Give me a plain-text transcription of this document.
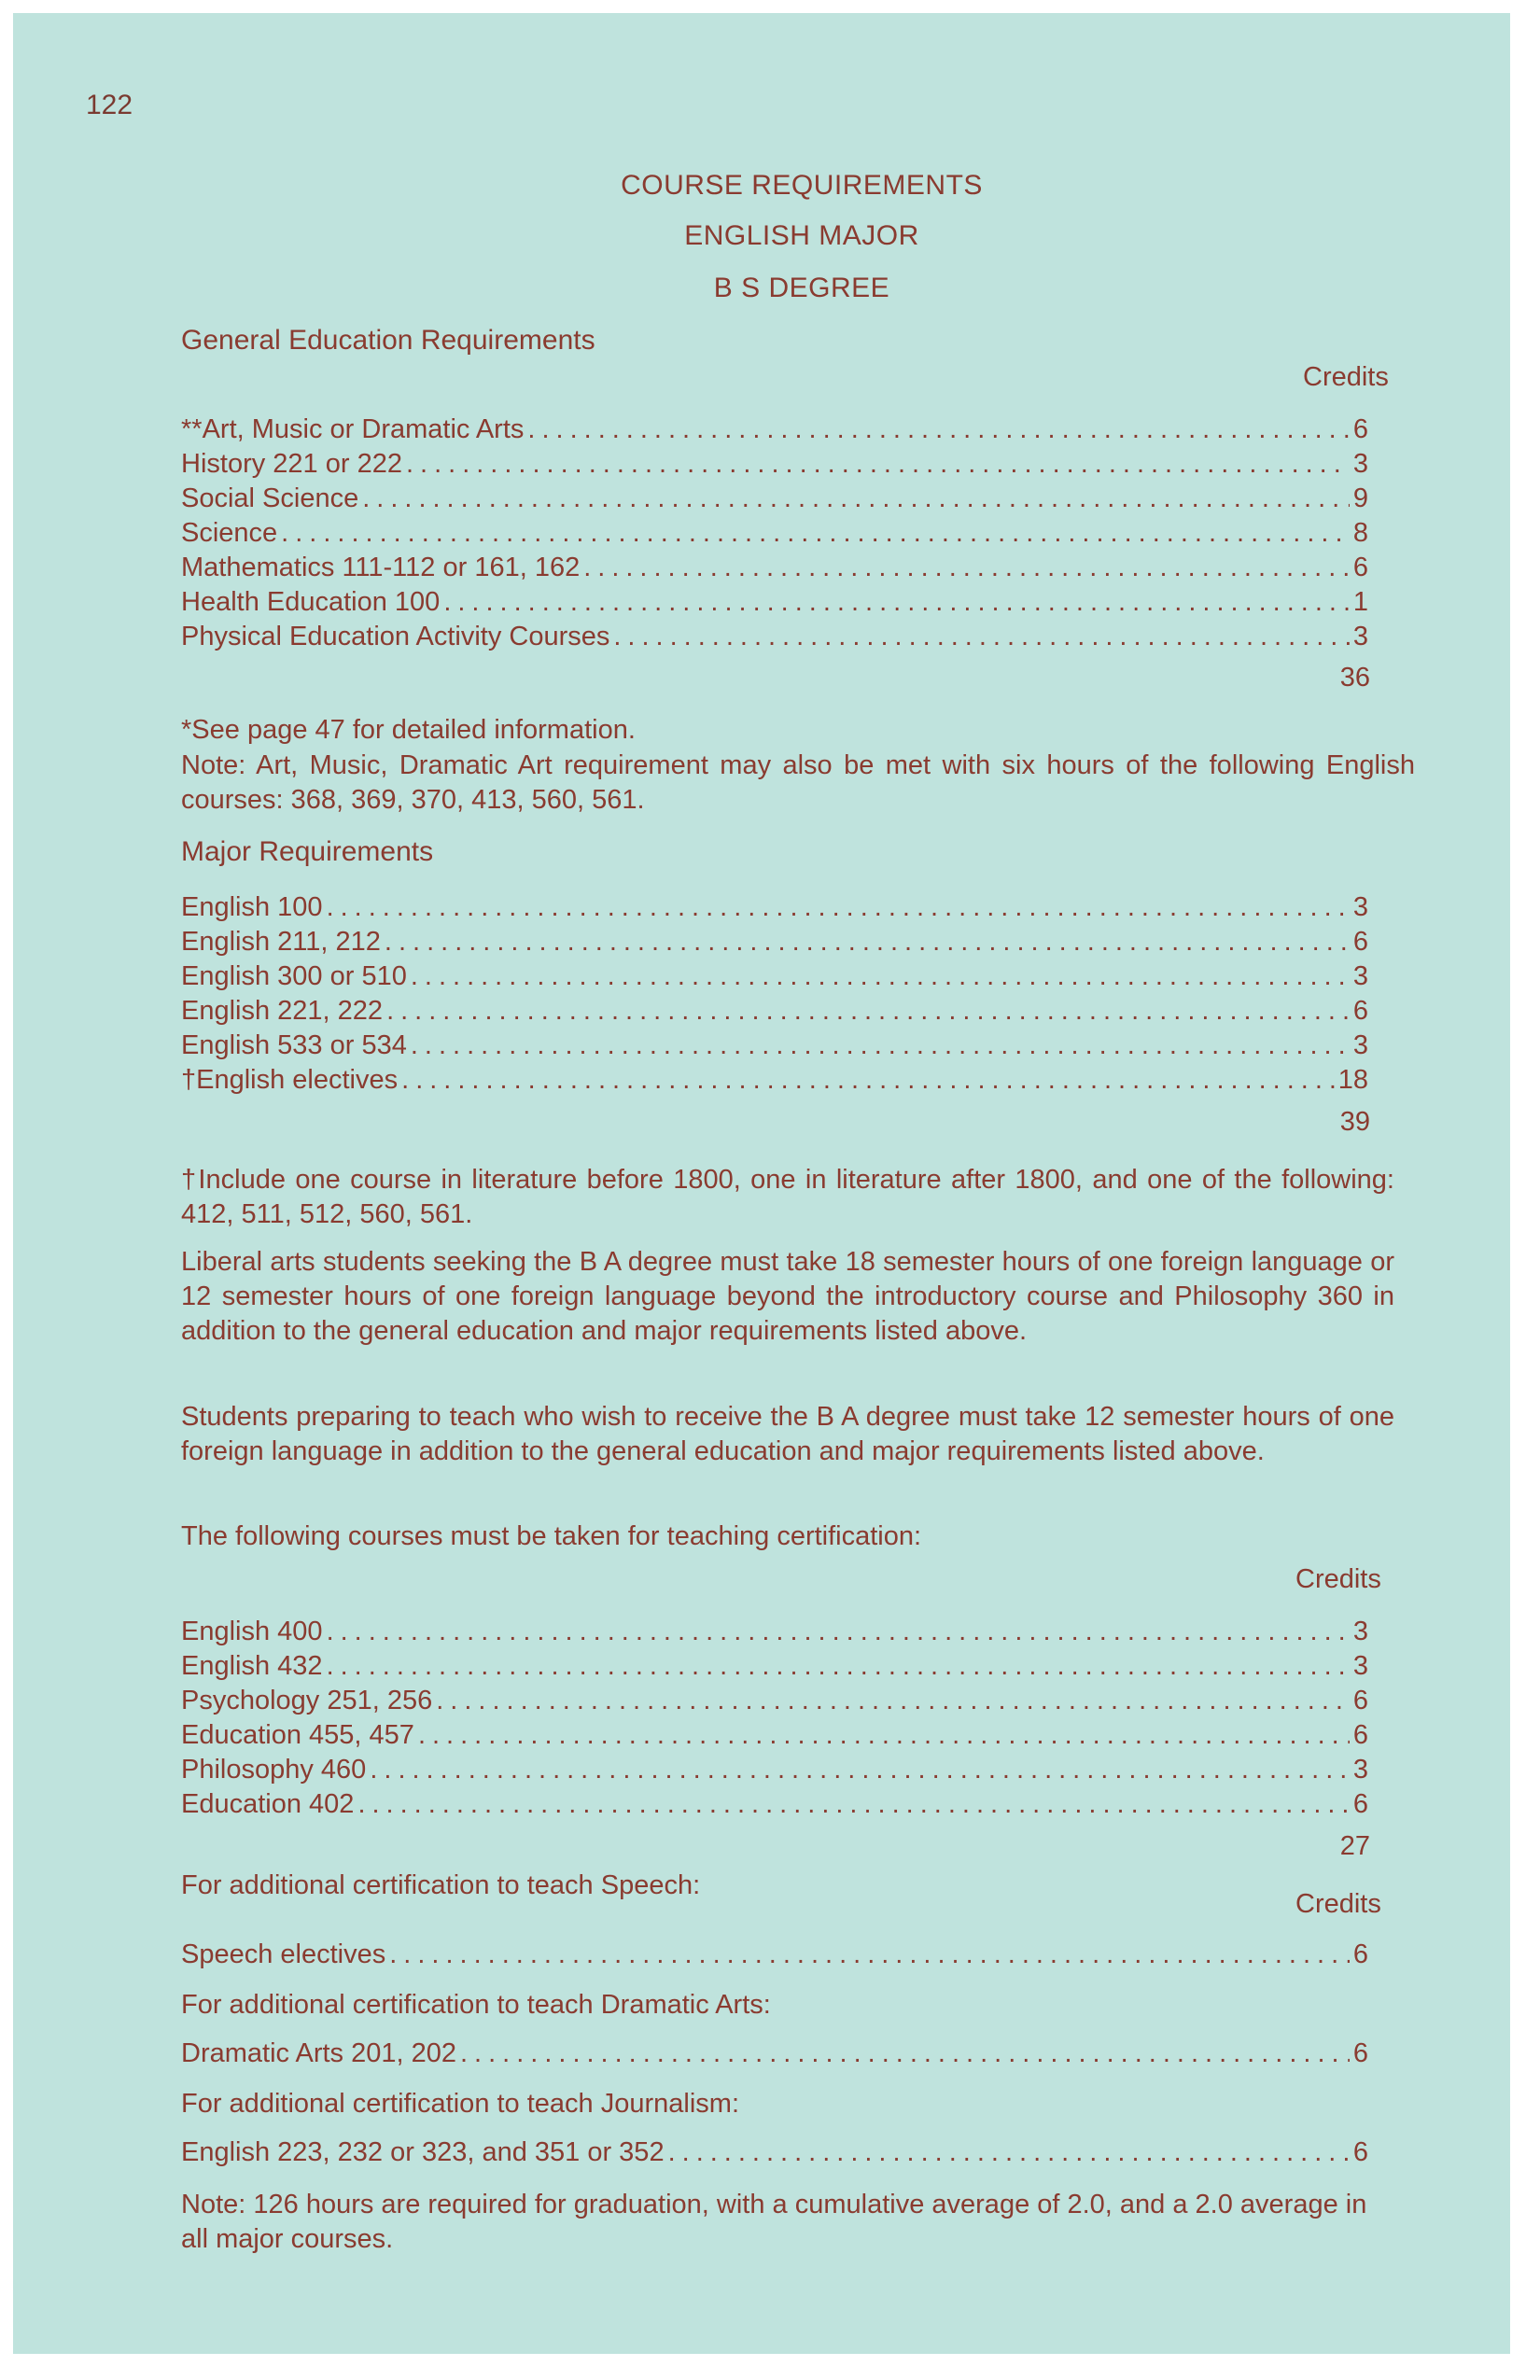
122
COURSE REQUIREMENTS
ENGLISH MAJOR
B S DEGREE
General Education Requirements
Credits
**Art, Music or Dramatic Arts .....	6
History 221 or 222 .....	3
Social Science .....	9
Science .....	8
Mathematics 111-112 or 161, 162 .....	6
Health Education 100 .....	1
Physical Education Activity Courses .....	3
36
*See page 47 for detailed information.
Note: Art, Music, Dramatic Art requirement may also be met with six hours of the following English courses: 368, 369, 370, 413, 560, 561.
Major Requirements
English 100 .....	3
English 211, 212 .....	6
English 300 or 510 .....	3
English 221, 222 .....	6
English 533 or 534 .....	3
†English electives .....	18
39
†Include one course in literature before 1800, one in literature after 1800, and one of the following: 412, 511, 512, 560, 561.
Liberal arts students seeking the B A degree must take 18 semester hours of one foreign language or 12 semester hours of one foreign language beyond the introductory course and Philosophy 360 in addition to the general education and major requirements listed above.
Students preparing to teach who wish to receive the B A degree must take 12 semester hours of one foreign language in addition to the general education and major requirements listed above.
The following courses must be taken for teaching certification:
Credits
English 400 .....	3
English 432 .....	3
Psychology 251, 256 .....	6
Education 455, 457 .....	6
Philosophy 460 .....	3
Education 402 .....	6
27
For additional certification to teach Speech:
Credits
Speech electives .....	6
For additional certification to teach Dramatic Arts:
Dramatic Arts 201, 202 .....	6
For additional certification to teach Journalism:
English 223, 232 or 323, and 351 or 352 .....	6
Note: 126 hours are required for graduation, with a cumulative average of 2.0, and a 2.0 average in all major courses.
